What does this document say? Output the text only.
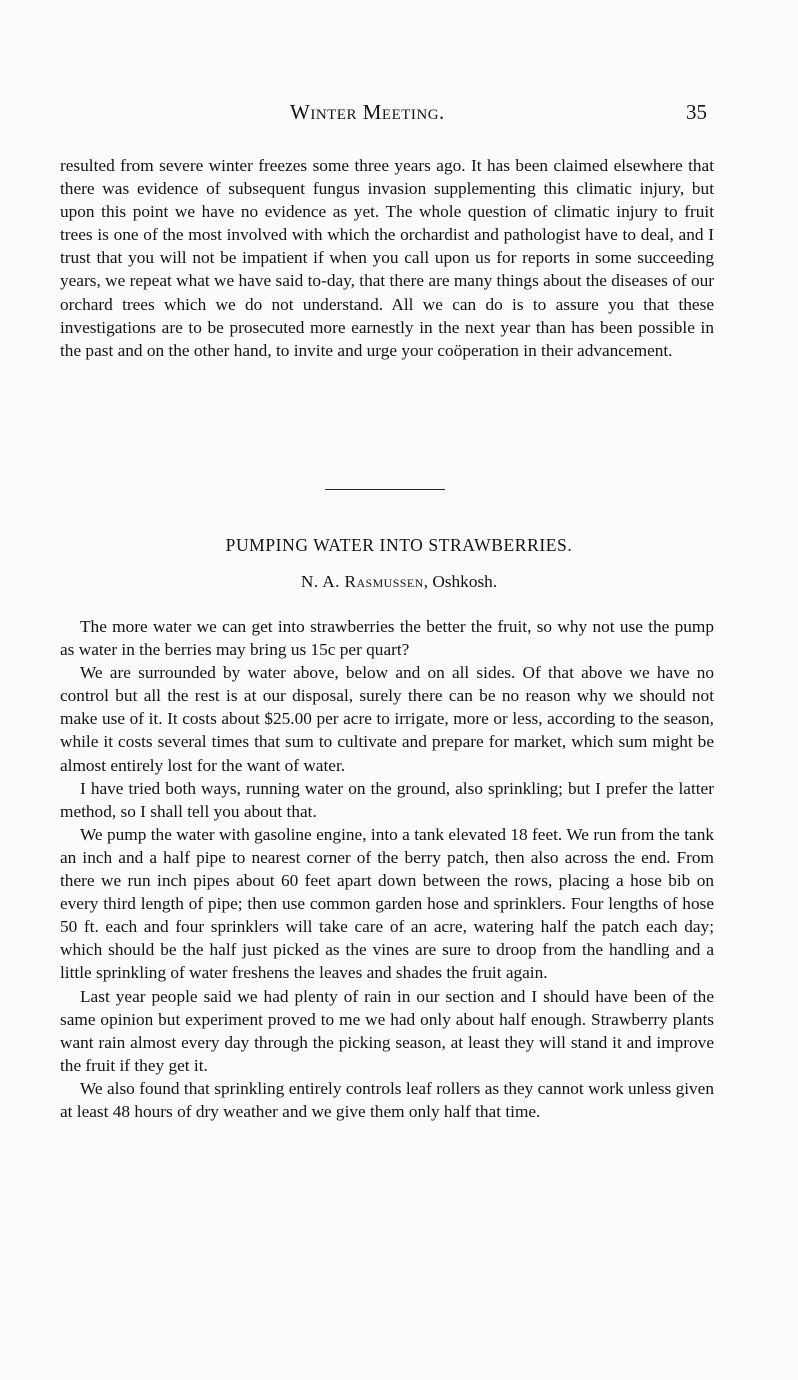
Winter Meeting.	35

resulted from severe winter freezes some three years ago. It has been claimed elsewhere that there was evidence of subsequent fungus invasion supplementing this climatic injury, but upon this point we have no evidence as yet. The whole question of climatic injury to fruit trees is one of the most involved with which the orchardist and pathologist have to deal, and I trust that you will not be impatient if when you call upon us for reports in some succeeding years, we repeat what we have said to-day, that there are many things about the diseases of our orchard trees which we do not understand. All we can do is to assure you that these investigations are to be prosecuted more earnestly in the next year than has been possible in the past and on the other hand, to invite and urge your coöperation in their advancement.

PUMPING WATER INTO STRAWBERRIES.
N. A. Rasmussen, Oshkosh.

The more water we can get into strawberries the better the fruit, so why not use the pump as water in the berries may bring us 15c per quart?

We are surrounded by water above, below and on all sides. Of that above we have no control but all the rest is at our disposal, surely there can be no reason why we should not make use of it. It costs about $25.00 per acre to irrigate, more or less, according to the season, while it costs several times that sum to cultivate and prepare for market, which sum might be almost entirely lost for the want of water.

I have tried both ways, running water on the ground, also sprinkling; but I prefer the latter method, so I shall tell you about that.

We pump the water with gasoline engine, into a tank elevated 18 feet. We run from the tank an inch and a half pipe to nearest corner of the berry patch, then also across the end. From there we run inch pipes about 60 feet apart down between the rows, placing a hose bib on every third length of pipe; then use common garden hose and sprinklers. Four lengths of hose 50 ft. each and four sprinklers will take care of an acre, watering half the patch each day; which should be the half just picked as the vines are sure to droop from the handling and a little sprinkling of water freshens the leaves and shades the fruit again.

Last year people said we had plenty of rain in our section and I should have been of the same opinion but experiment proved to me we had only about half enough. Strawberry plants want rain almost every day through the picking season, at least they will stand it and improve the fruit if they get it.

We also found that sprinkling entirely controls leaf rollers as they cannot work unless given at least 48 hours of dry weather and we give them only half that time.
